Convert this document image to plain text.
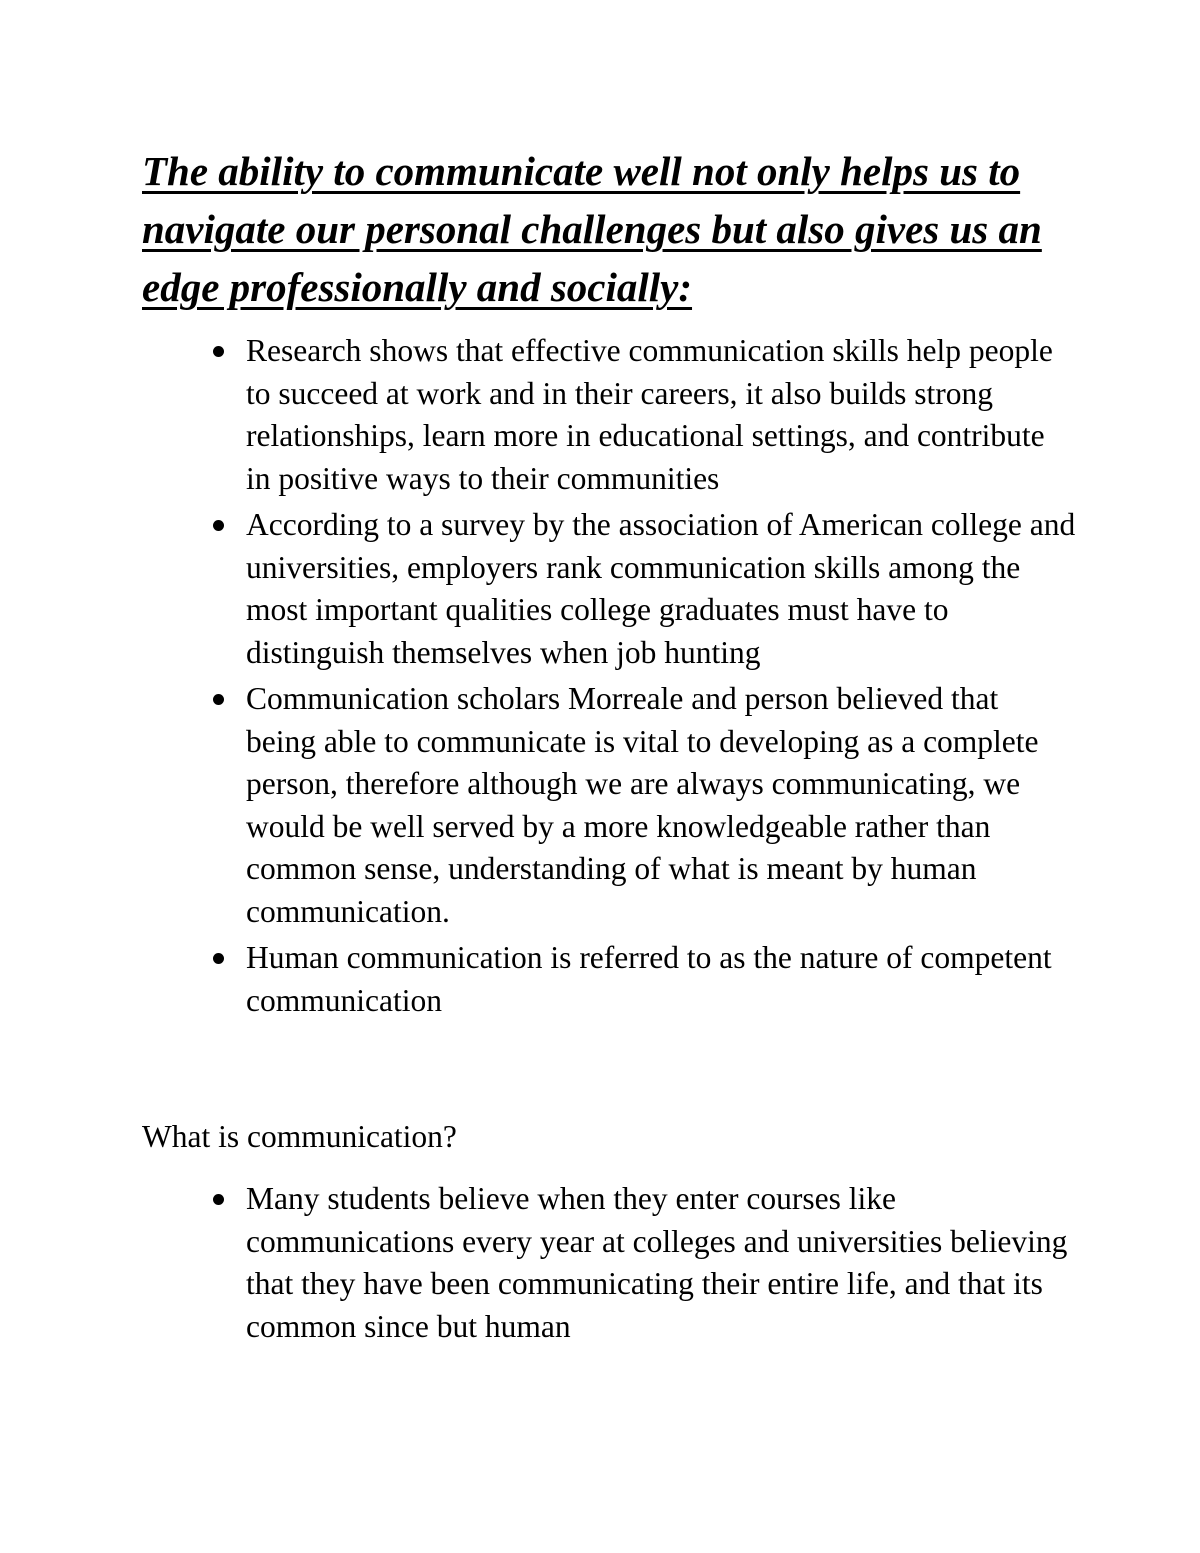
The ability to communicate well not only helps us to navigate our personal challenges but also gives us an edge professionally and socially:
Research shows that effective communication skills help people to succeed at work and in their careers, it also builds strong relationships, learn more in educational settings, and contribute in positive ways to their communities
According to a survey by the association of American college and universities, employers rank communication skills among the most important qualities college graduates must have to distinguish themselves when job hunting
Communication scholars Morreale and person believed that being able to communicate is vital to developing as a complete person, therefore although we are always communicating, we would be well served by a more knowledgeable rather than common sense, understanding of what is meant by human communication.
Human communication is referred to as the nature of competent communication

What is communication?

Many students believe when they enter courses like communications every year at colleges and universities believing that they have been communicating their entire life, and that its common since but human
